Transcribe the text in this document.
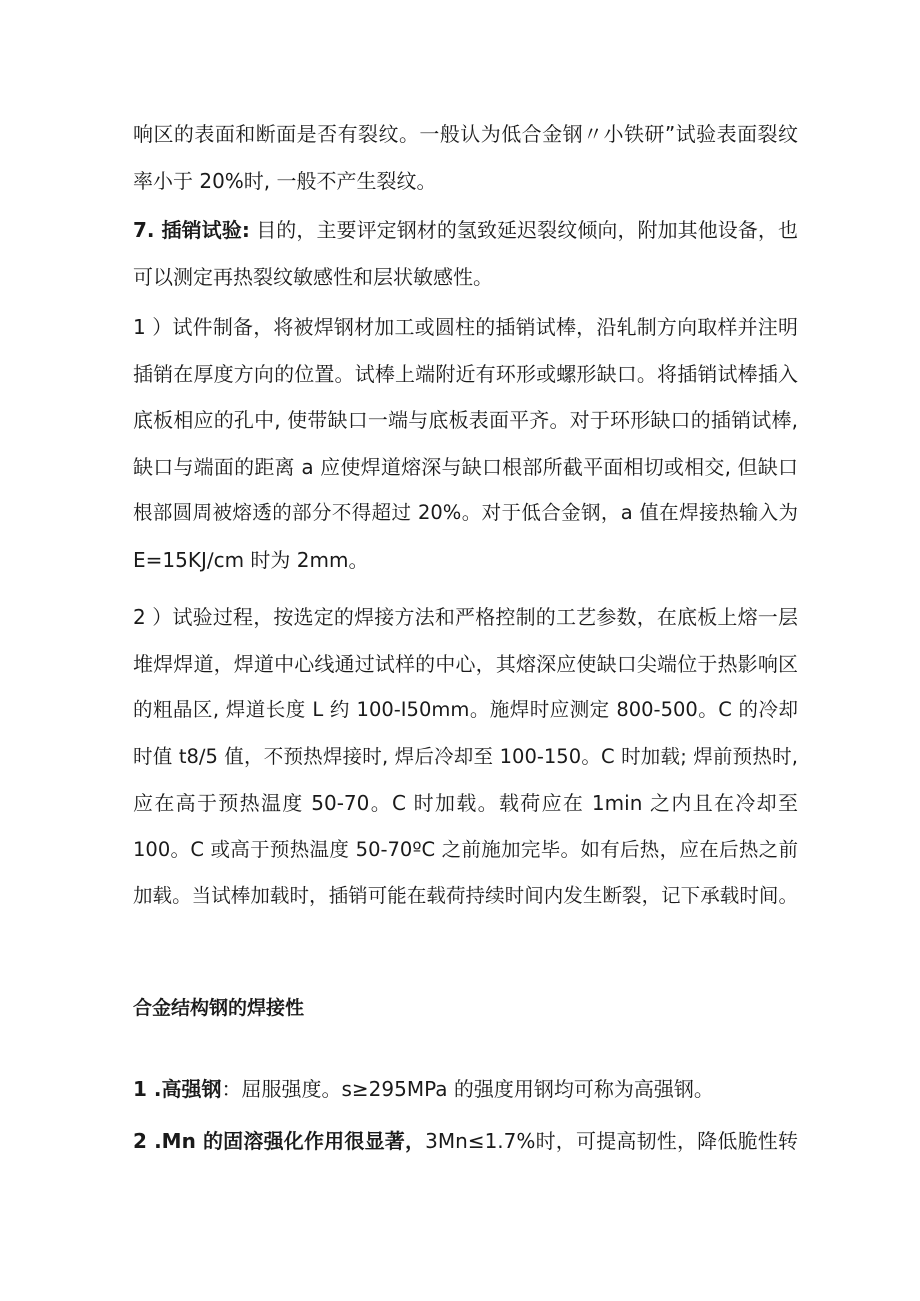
响区的表面和断面是否有裂纹。一般认为低合金钢〃小铁研”试验表面裂纹
率小于 20%时, 一般不产生裂纹。
7. 插销试验: 目的，主要评定钢材的氢致延迟裂纹倾向，附加其他设备，也
可以测定再热裂纹敏感性和层状敏感性。
1 ）试件制备，将被焊钢材加工或圆柱的插销试棒，沿轧制方向取样并注明
插销在厚度方向的位置。试棒上端附近有环形或螺形缺口。将插销试棒插入
底板相应的孔中, 使带缺口一端与底板表面平齐。对于环形缺口的插销试棒,
缺口与端面的距离 a 应使焊道熔深与缺口根部所截平面相切或相交, 但缺口
根部圆周被熔透的部分不得超过 20%。对于低合金钢，a 值在焊接热输入为
E=15KJ∕cm 时为 2mm。
2 ）试验过程，按选定的焊接方法和严格控制的工艺参数，在底板上熔一层
堆焊焊道，焊道中心线通过试样的中心，其熔深应使缺口尖端位于热影响区
的粗晶区, 焊道长度 L 约 100-I50mm。施焊时应测定 800-500。C 的冷却
时值 t8∕5 值，不预热焊接时, 焊后冷却至 100-150。C 时加载; 焊前预热时,
应在高于预热温度 50-70。C 时加载。载荷应在 1min 之内且在冷却至
100。C 或高于预热温度 50-70ºC 之前施加完毕。如有后热，应在后热之前
加载。当试棒加载时，插销可能在载荷持续时间内发生断裂，记下承载时间。
合金结构钢的焊接性
1 .高强钢：屈服强度。s≥295MPa 的强度用钢均可称为高强钢。
2 .Mn 的固溶强化作用很显著，3Mn≤1.7%时，可提高韧性，降低脆性转
